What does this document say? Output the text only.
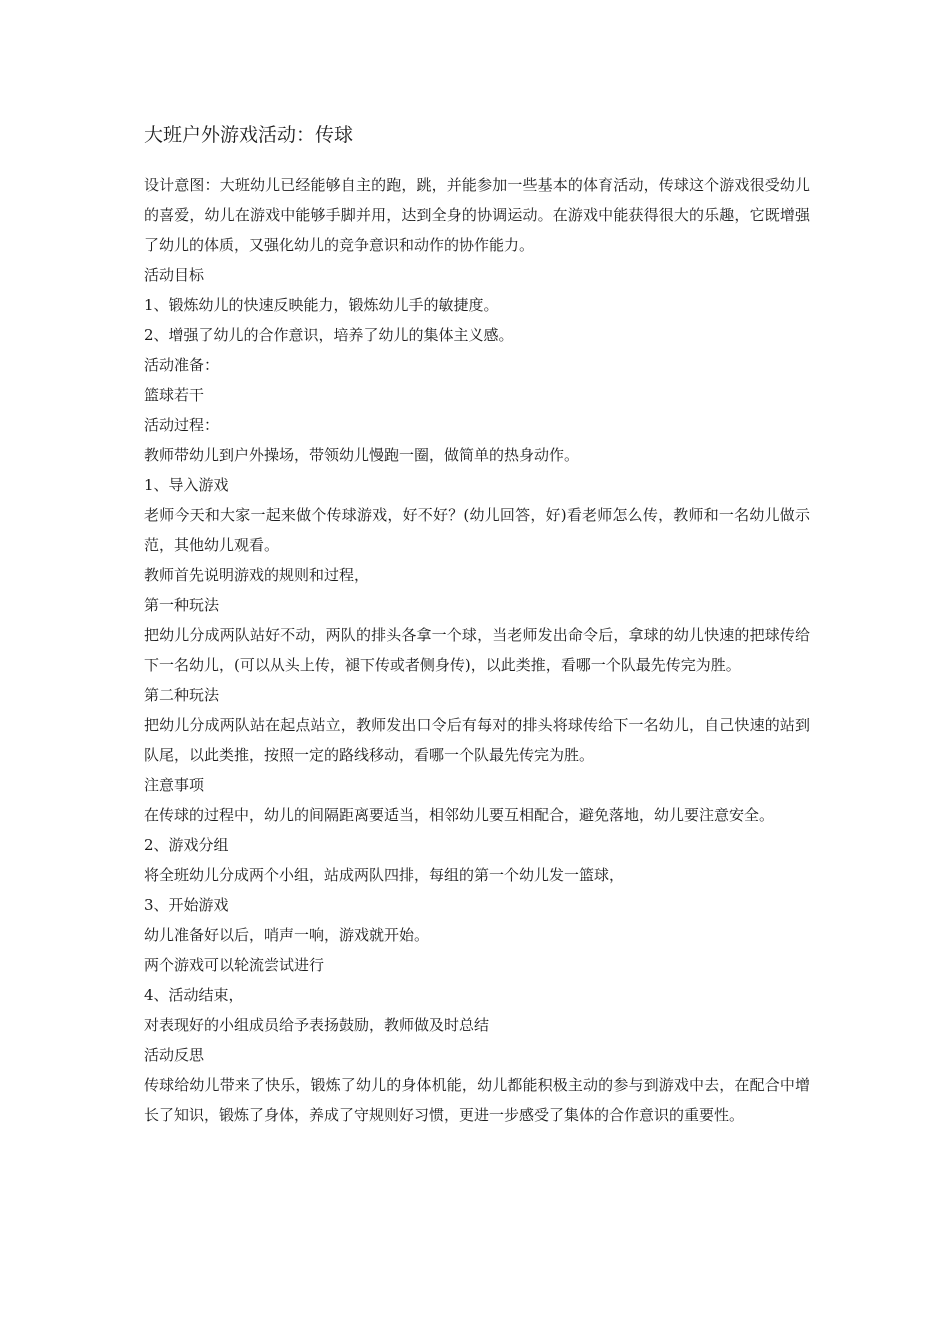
大班户外游戏活动：传球

设计意图：大班幼儿已经能够自主的跑，跳，并能参加一些基本的体育活动，传球这个游戏很受幼儿的喜爱，幼儿在游戏中能够手脚并用，达到全身的协调运动。在游戏中能获得很大的乐趣，它既增强了幼儿的体质，又强化幼儿的竞争意识和动作的协作能力。

活动目标

1、锻炼幼儿的快速反映能力，锻炼幼儿手的敏捷度。

2、增强了幼儿的合作意识，培养了幼儿的集体主义感。

活动准备：

篮球若干

活动过程：

教师带幼儿到户外操场，带领幼儿慢跑一圈，做简单的热身动作。

1、导入游戏

老师今天和大家一起来做个传球游戏，好不好？(幼儿回答，好)看老师怎么传，教师和一名幼儿做示范，其他幼儿观看。

教师首先说明游戏的规则和过程，

第一种玩法

把幼儿分成两队站好不动，两队的排头各拿一个球，当老师发出命令后，拿球的幼儿快速的把球传给下一名幼儿，(可以从头上传，褪下传或者侧身传)，以此类推，看哪一个队最先传完为胜。

第二种玩法

把幼儿分成两队站在起点站立，教师发出口令后有每对的排头将球传给下一名幼儿，自己快速的站到队尾，以此类推，按照一定的路线移动，看哪一个队最先传完为胜。

注意事项

在传球的过程中，幼儿的间隔距离要适当，相邻幼儿要互相配合，避免落地，幼儿要注意安全。

2、游戏分组

将全班幼儿分成两个小组，站成两队四排，每组的第一个幼儿发一篮球，

3、开始游戏

幼儿准备好以后，哨声一响，游戏就开始。

两个游戏可以轮流尝试进行

4、活动结束，

对表现好的小组成员给予表扬鼓励，教师做及时总结

活动反思

传球给幼儿带来了快乐，锻炼了幼儿的身体机能，幼儿都能积极主动的参与到游戏中去，在配合中增长了知识，锻炼了身体，养成了守规则好习惯，更进一步感受了集体的合作意识的重要性。
